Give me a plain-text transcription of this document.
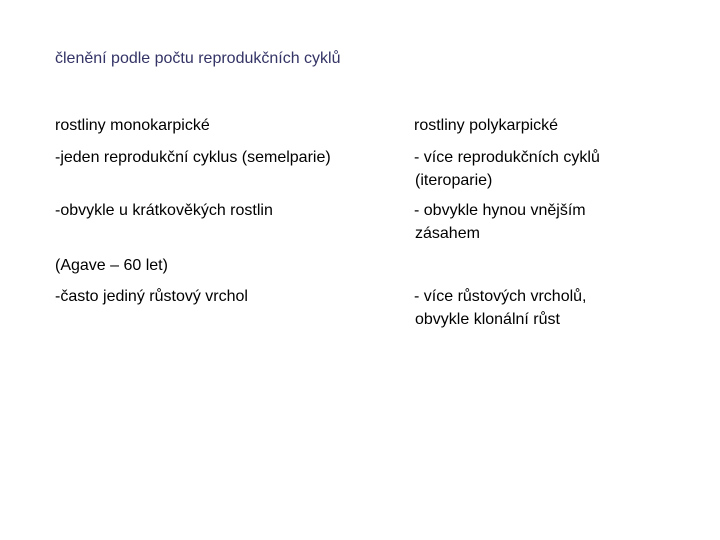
členění podle počtu reprodukčních cyklů
rostliny monokarpické
-jeden reprodukční cyklus (semelparie)
-obvykle u krátkověkých rostlin
(Agave – 60 let)
-často jediný růstový vrchol
rostliny polykarpické
- více reprodukčních cyklů
(iteroparie)
- obvykle hynou vnějším
zásahem
- více růstových vrcholů,
obvykle klonální růst
